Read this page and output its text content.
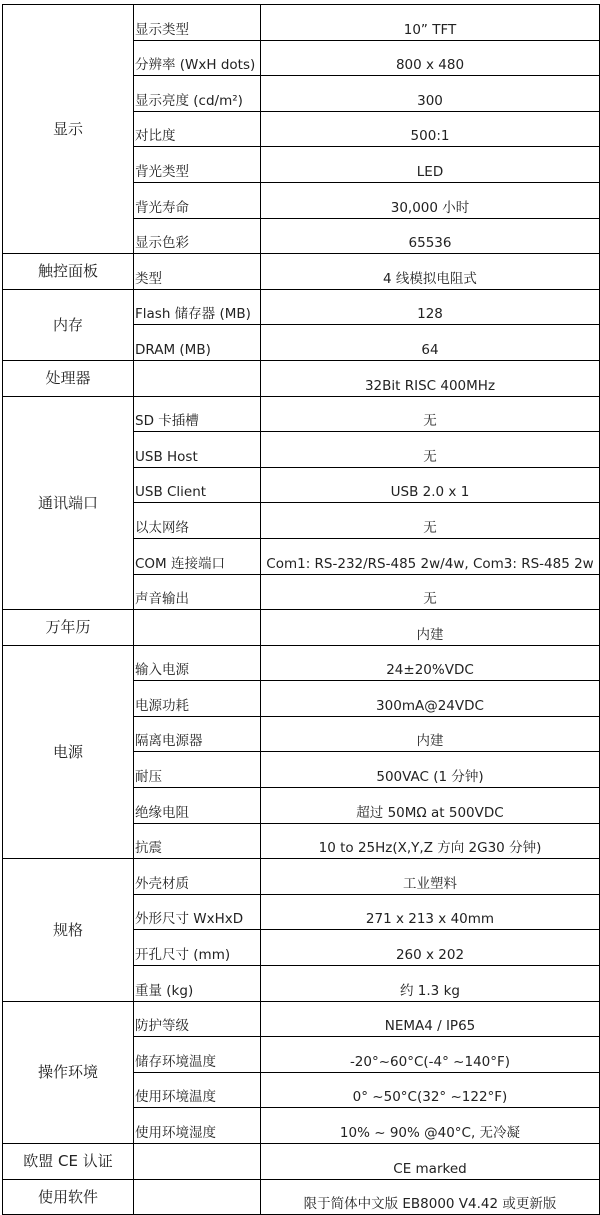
显示	显示类型	10” TFT
	分辨率 (WxH dots)	800 x 480
	显示亮度 (cd/m²)	300
	对比度	500:1
	背光类型	LED
	背光寿命	30,000 小时
	显示色彩	65536
触控面板	类型	4 线模拟电阻式
内存	Flash 储存器 (MB)	128
	DRAM (MB)	64
处理器		32Bit RISC 400MHz
通讯端口	SD 卡插槽	无
	USB Host	无
	USB Client	USB 2.0 x 1
	以太网络	无
	COM 连接端口	Com1: RS-232/RS-485 2w/4w, Com3: RS-485 2w
	声音输出	无
万年历		内建
电源	输入电源	24±20%VDC
	电源功耗	300mA@24VDC
	隔离电源器	内建
	耐压	500VAC (1 分钟)
	绝缘电阻	超过 50MΩ at 500VDC
	抗震	10 to 25Hz(X,Y,Z 方向 2G30 分钟)
规格	外壳材质	工业塑料
	外形尺寸 WxHxD	271 x 213 x 40mm
	开孔尺寸 (mm)	260 x 202
	重量 (kg)	约 1.3 kg
操作环境	防护等级	NEMA4 / IP65
	储存环境温度	-20°~60°C(-4° ~140°F)
	使用环境温度	0° ~50°C(32° ~122°F)
	使用环境湿度	10% ~ 90% @40°C, 无冷凝
欧盟 CE 认证		CE marked
使用软件		限于简体中文版 EB8000 V4.42 或更新版
